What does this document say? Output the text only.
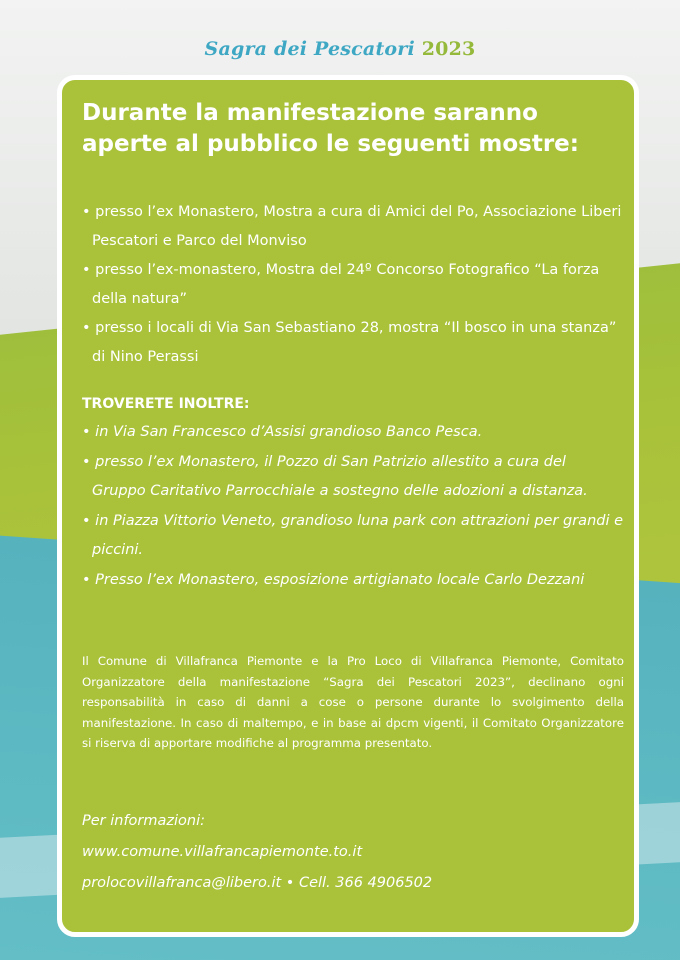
Sagra dei Pescatori 2023
Durante la manifestazione saranno
aperte al pubblico le seguenti mostre:
• presso l’ex Monastero, Mostra a cura di Amici del Po, Associazione Liberi Pescatori e Parco del Monviso
• presso l’ex-monastero, Mostra del 24º Concorso Fotografico “La forza della natura”
• presso i locali di Via San Sebastiano 28, mostra “Il bosco in una stanza” di Nino Perassi
TROVERETE INOLTRE:
• in Via San Francesco d’Assisi grandioso Banco Pesca.
• presso l’ex Monastero, il Pozzo di San Patrizio allestito a cura del Gruppo Caritativo Parrocchiale a sostegno delle adozioni a distanza.
• in Piazza Vittorio Veneto, grandioso luna park con attrazioni per grandi e piccini.
• Presso l’ex Monastero, esposizione artigianato locale Carlo Dezzani

Il Comune di Villafranca Piemonte e la Pro Loco di Villafranca Piemonte, Comitato Organizzatore della manifestazione “Sagra dei Pescatori 2023”, declinano ogni responsabilità in caso di danni a cose o persone durante lo svolgimento della manifestazione. In caso di maltempo, e in base ai dpcm vigenti, il Comitato Organizzatore si riserva di apportare modifiche al programma presentato.

Per informazioni:
www.comune.villafrancapiemonte.to.it
prolocovillafranca@libero.it • Cell. 366 4906502
